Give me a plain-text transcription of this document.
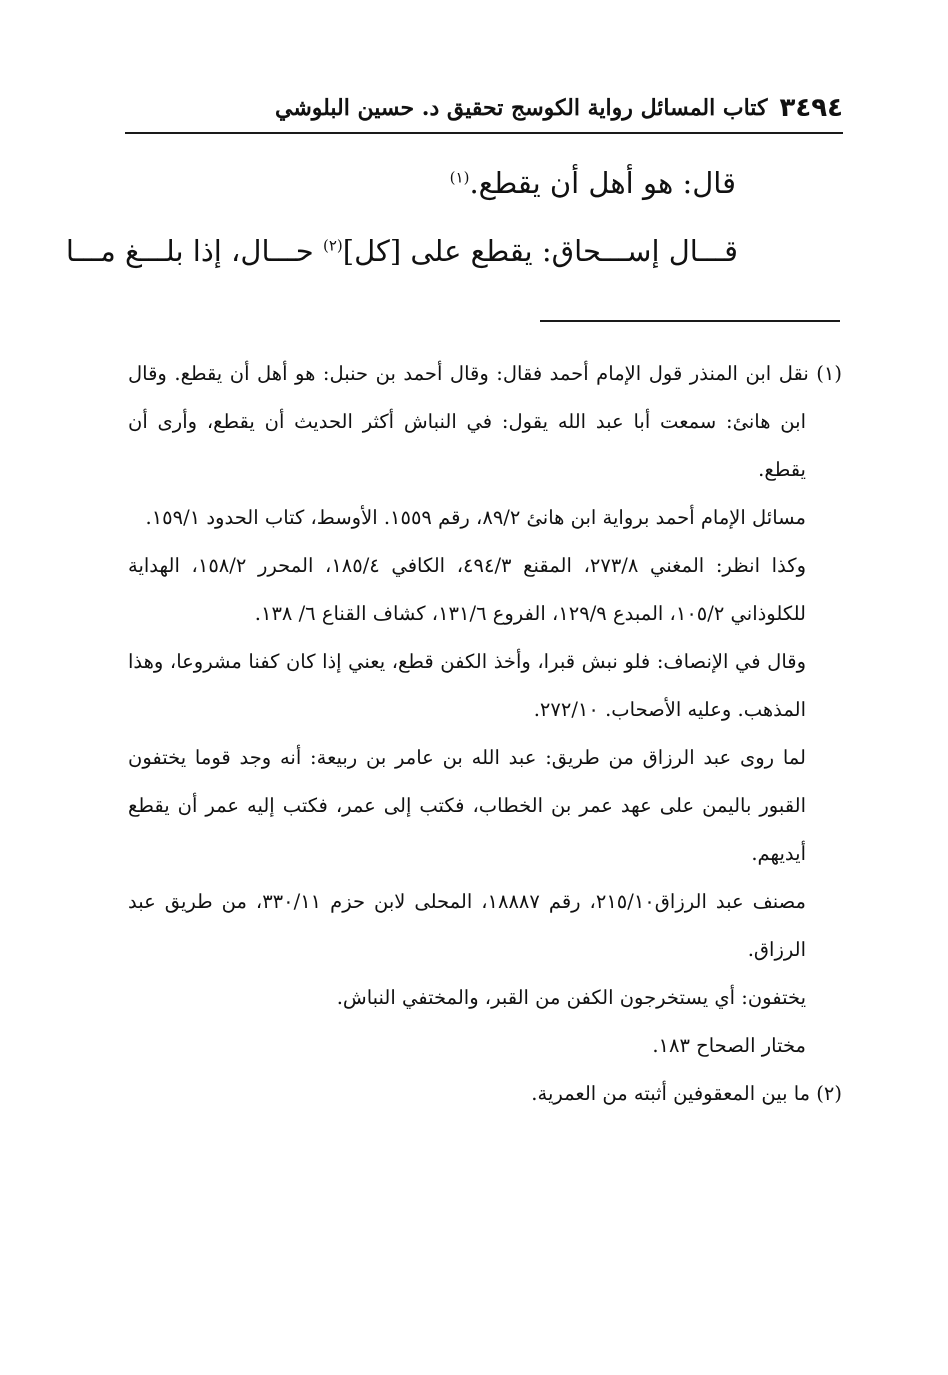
٣٤٩٤
كتاب المسائل رواية الكوسج تحقيق د. حسين البلوشي
قال: هو أهل أن يقطع.$^{(١)}$
قـــال إســـحاق: يقطع على [كل]$^{(٢)}$ حـــال، إذا بلـــغ مـــا

(١) نقل ابن المنذر قول الإمام أحمد فقال: وقال أحمد بن حنبل: هو أهل أن يقطع. وقال ابن هانئ: سمعت أبا عبد الله يقول: في النباش أكثر الحديث أن يقطع، وأرى أن يقطع.

مسائل الإمام أحمد برواية ابن هانئ ٨٩/٢، رقم ١٥٥٩. الأوسط، كتاب الحدود ١٥٩/١.

وكذا انظر: المغني ٢٧٣/٨، المقنع ٤٩٤/٣، الكافي ١٨٥/٤، المحرر ١٥٨/٢، الهداية للكلوذاني ١٠٥/٢، المبدع ١٢٩/٩، الفروع ١٣١/٦، كشاف القناع ٦/ ١٣٨.

وقال في الإنصاف: فلو نبش قبرا، وأخذ الكفن قطع، يعني إذا كان كفنا مشروعا، وهذا المذهب. وعليه الأصحاب. ٢٧٢/١٠.

لما روى عبد الرزاق من طريق: عبد الله بن عامر بن ربيعة: أنه وجد قوما يختفون القبور باليمن على عهد عمر بن الخطاب، فكتب إلى عمر، فكتب إليه عمر أن يقطع أيديهم.

مصنف عبد الرزاق٢١٥/١٠، رقم ١٨٨٨٧، المحلى لابن حزم ٣٣٠/١١، من طريق عبد الرزاق.

يختفون: أي يستخرجون الكفن من القبر، والمختفي النباش.

مختار الصحاح ١٨٣.

(٢) ما بين المعقوفين أثبته من العمرية.
